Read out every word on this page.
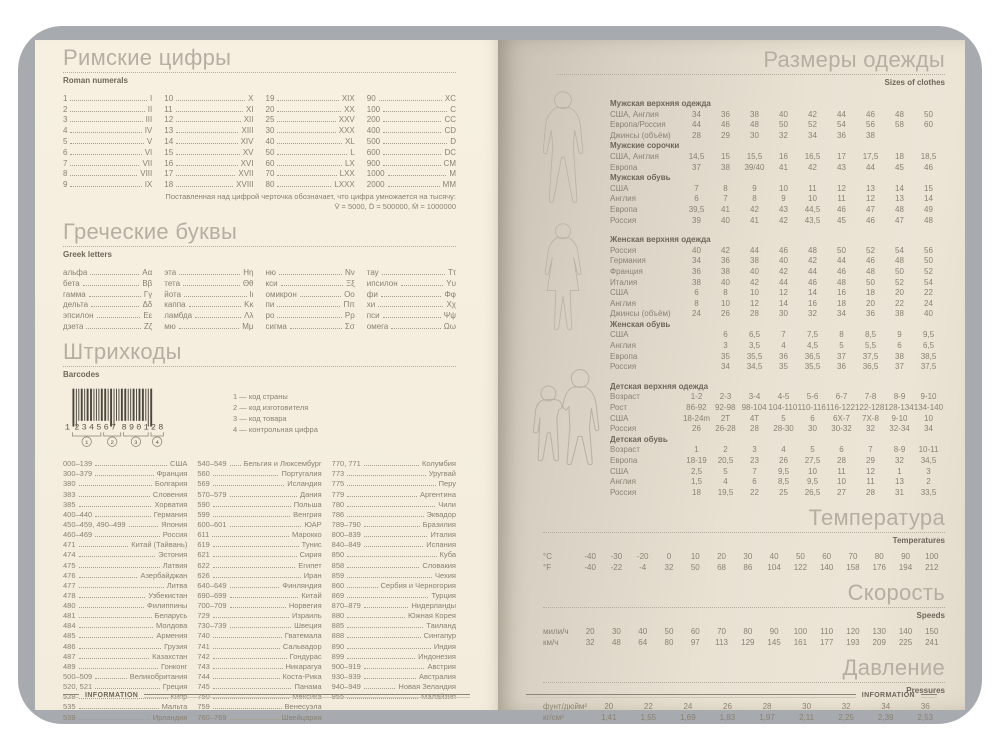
Римские цифры
Roman numerals
1	I
2	II
3	III
4	IV
5	V
6	VI
7	VII
8	VIII
9	IX
10	X
11	XI
12	XII
13	XIII
14	XIV
15	XV
16	XVI
17	XVII
18	XVIII
19	XIX
20	XX
25	XXV
30	XXX
40	XL
50	L
60	LX
70	LXX
80	LXXX
90	XC
100	C
200	CC
400	CD
500	D
600	DC
900	CM
1000	M
2000	MM
Поставленная над цифрой черточка обозначает, что цифра умножается на тысячу:
V̄ = 5000, D̄ = 500000, M̄ = 1000000
Греческие буквы
Greek letters
альфа	Αα
бета	Ββ
гамма	Γγ
дельта	Δδ
эпсилон	Εε
дзета	Ζζ
эта	Ηη
тета	Θθ
йота	Ιι
каппа	Κκ
ламбда	Λλ
мю	Μμ
ню	Νν
кси	Ξξ
омикрон	Οο
пи	Ππ
ро	Ρρ
сигма	Σσ
тау	Ττ
ипсилон	Υυ
фи	Φφ
хи	Χχ
пси	Ψψ
омега	Ωω
Штрихкоды
Barcodes
1 234567 890128
1	2	3	4
1 — код страны
2 — код изготовителя
3 — код товара
4 — контрольная цифра
000–139	США
300–379	Франция
380	Болгария
383	Словения
385	Хорватия
400–440	Германия
450–459, 490–499	Япония
460–469	Россия
471	Китай (Тайвань)
474	Эстония
475	Латвия
476	Азербайджан
477	Литва
478	Узбекистан
480	Филиппины
481	Беларусь
484	Молдова
485	Армения
486	Грузия
487	Казахстан
489	Гонконг
500–509	Великобритания
520, 521	Греция
529	Кипр
535	Мальта
539	Ирландия
540–549 Бельгия и Люксембург
560	Португалия
569	Исландия
570–579	Дания
590	Польша
599	Венгрия
600–601	ЮАР
611	Марокко
619	Тунис
621	Сирия
622	Египет
626	Иран
640–649	Финляндия
690–699	Китай
700–709	Норвегия
729	Израиль
730–739	Швеция
740	Гватемала
741	Сальвадор
742	Гондурас
743	Никарагуа
744	Коста-Рика
745	Панама
750	Мексика
759	Венесуэла
760–769	Швейцария
770, 771	Колумбия
773	Уругвай
775	Перу
779	Аргентина
780	Чили
786	Эквадор
789–790	Бразилия
800–839	Италия
840–849	Испания
850	Куба
858	Словакия
859	Чехия
860	Сербия и Черногория
869	Турция
870–879	Нидерланды
880	Южная Корея
885	Таиланд
888	Сингапур
890	Индия
899	Индонезия
900–919	Австрия
930–939	Австралия
940–949	Новая Зеландия
955	Малайзия
INFORMATION
Размеры одежды
Sizes of clothes
Мужская верхняя одежда
США, Англия	34	36	38	40	42	44	46	48	50
Европа/Россия	44	46	48	50	52	54	56	58	60
Джинсы (объём)	28	29	30	32	34	36	38
Мужские сорочки
США, Англия	14,5	15	15,5	16	16,5	17	17,5	18	18,5
Европа	37	38	39/40	41	42	43	44	45	46
Мужская обувь
США	7	8	9	10	11	12	13	14	15
Англия	6	7	8	9	10	11	12	13	14
Европа	39,5	41	42	43	44,5	46	47	48	49
Россия	39	40	41	42	43,5	45	46	47	48
Женская верхняя одежда
Россия	40	42	44	46	48	50	52	54	56
Германия	34	36	38	40	42	44	46	48	50
Франция	36	38	40	42	44	46	48	50	52
Италия	38	40	42	44	46	48	50	52	54
США	6	8	10	12	14	16	18	20	22
Англия	8	10	12	14	16	18	20	22	24
Джинсы (объём)	24	26	28	30	32	34	36	38	40
Женская обувь
США	6	6,5	7	7,5	8	8,5	9	9,5
Англия	3	3,5	4	4,5	5	5,5	6	6,5
Европа	35	35,5	36	36,5	37	37,5	38	38,5
Россия	34	34,5	35	35,5	36	36,5	37	37,5
Детская верхняя одежда
Возраст	1-2	2-3	3-4	4-5	5-6	6-7	7-8	8-9	9-10
Рост	86-92	92-98 98-104 104-110 110-116 116-122 122-128 128-134 134-140
США	18-24m	2T	4T	5	6	6X-7	7X-8	9-10	10
Россия	26	26-28	28	28-30	30	30-32	32	32-34	34
Детская обувь
Возраст	1	2	3	4	5	6	7	8-9	10-11
Европа	18-19	20,5	23	26	27,5	28	29	32	34,5
США	2,5	5	7	9,5	10	11	12	1	3
Англия	1,5	4	6	8,5	9,5	10	11	13	2
Россия	18	19,5	22	25	26,5	27	28	31	33,5
Температура
Temperatures
°C	-40	-30	-20	0	10	20	30	40	50	60	70	80	90	100
°F	-40	-22	-4	32	50	68	86	104	122	140	158	176	194	212
Скорость
Speeds
мили/ч	20	30	40	50	60	70	80	90	100	110	120	130	140	150
км/ч	32	48	64	80	97	113	129	145	161	177	193	209	225	241
Давление
Pressures
фунт/дюйм²	20	22	24	26	28	30	32	34	36
кг/см²	1,41	1,55	1,69	1,83	1,97	2,11	2,25	2,39	2,53
INFORMATION
